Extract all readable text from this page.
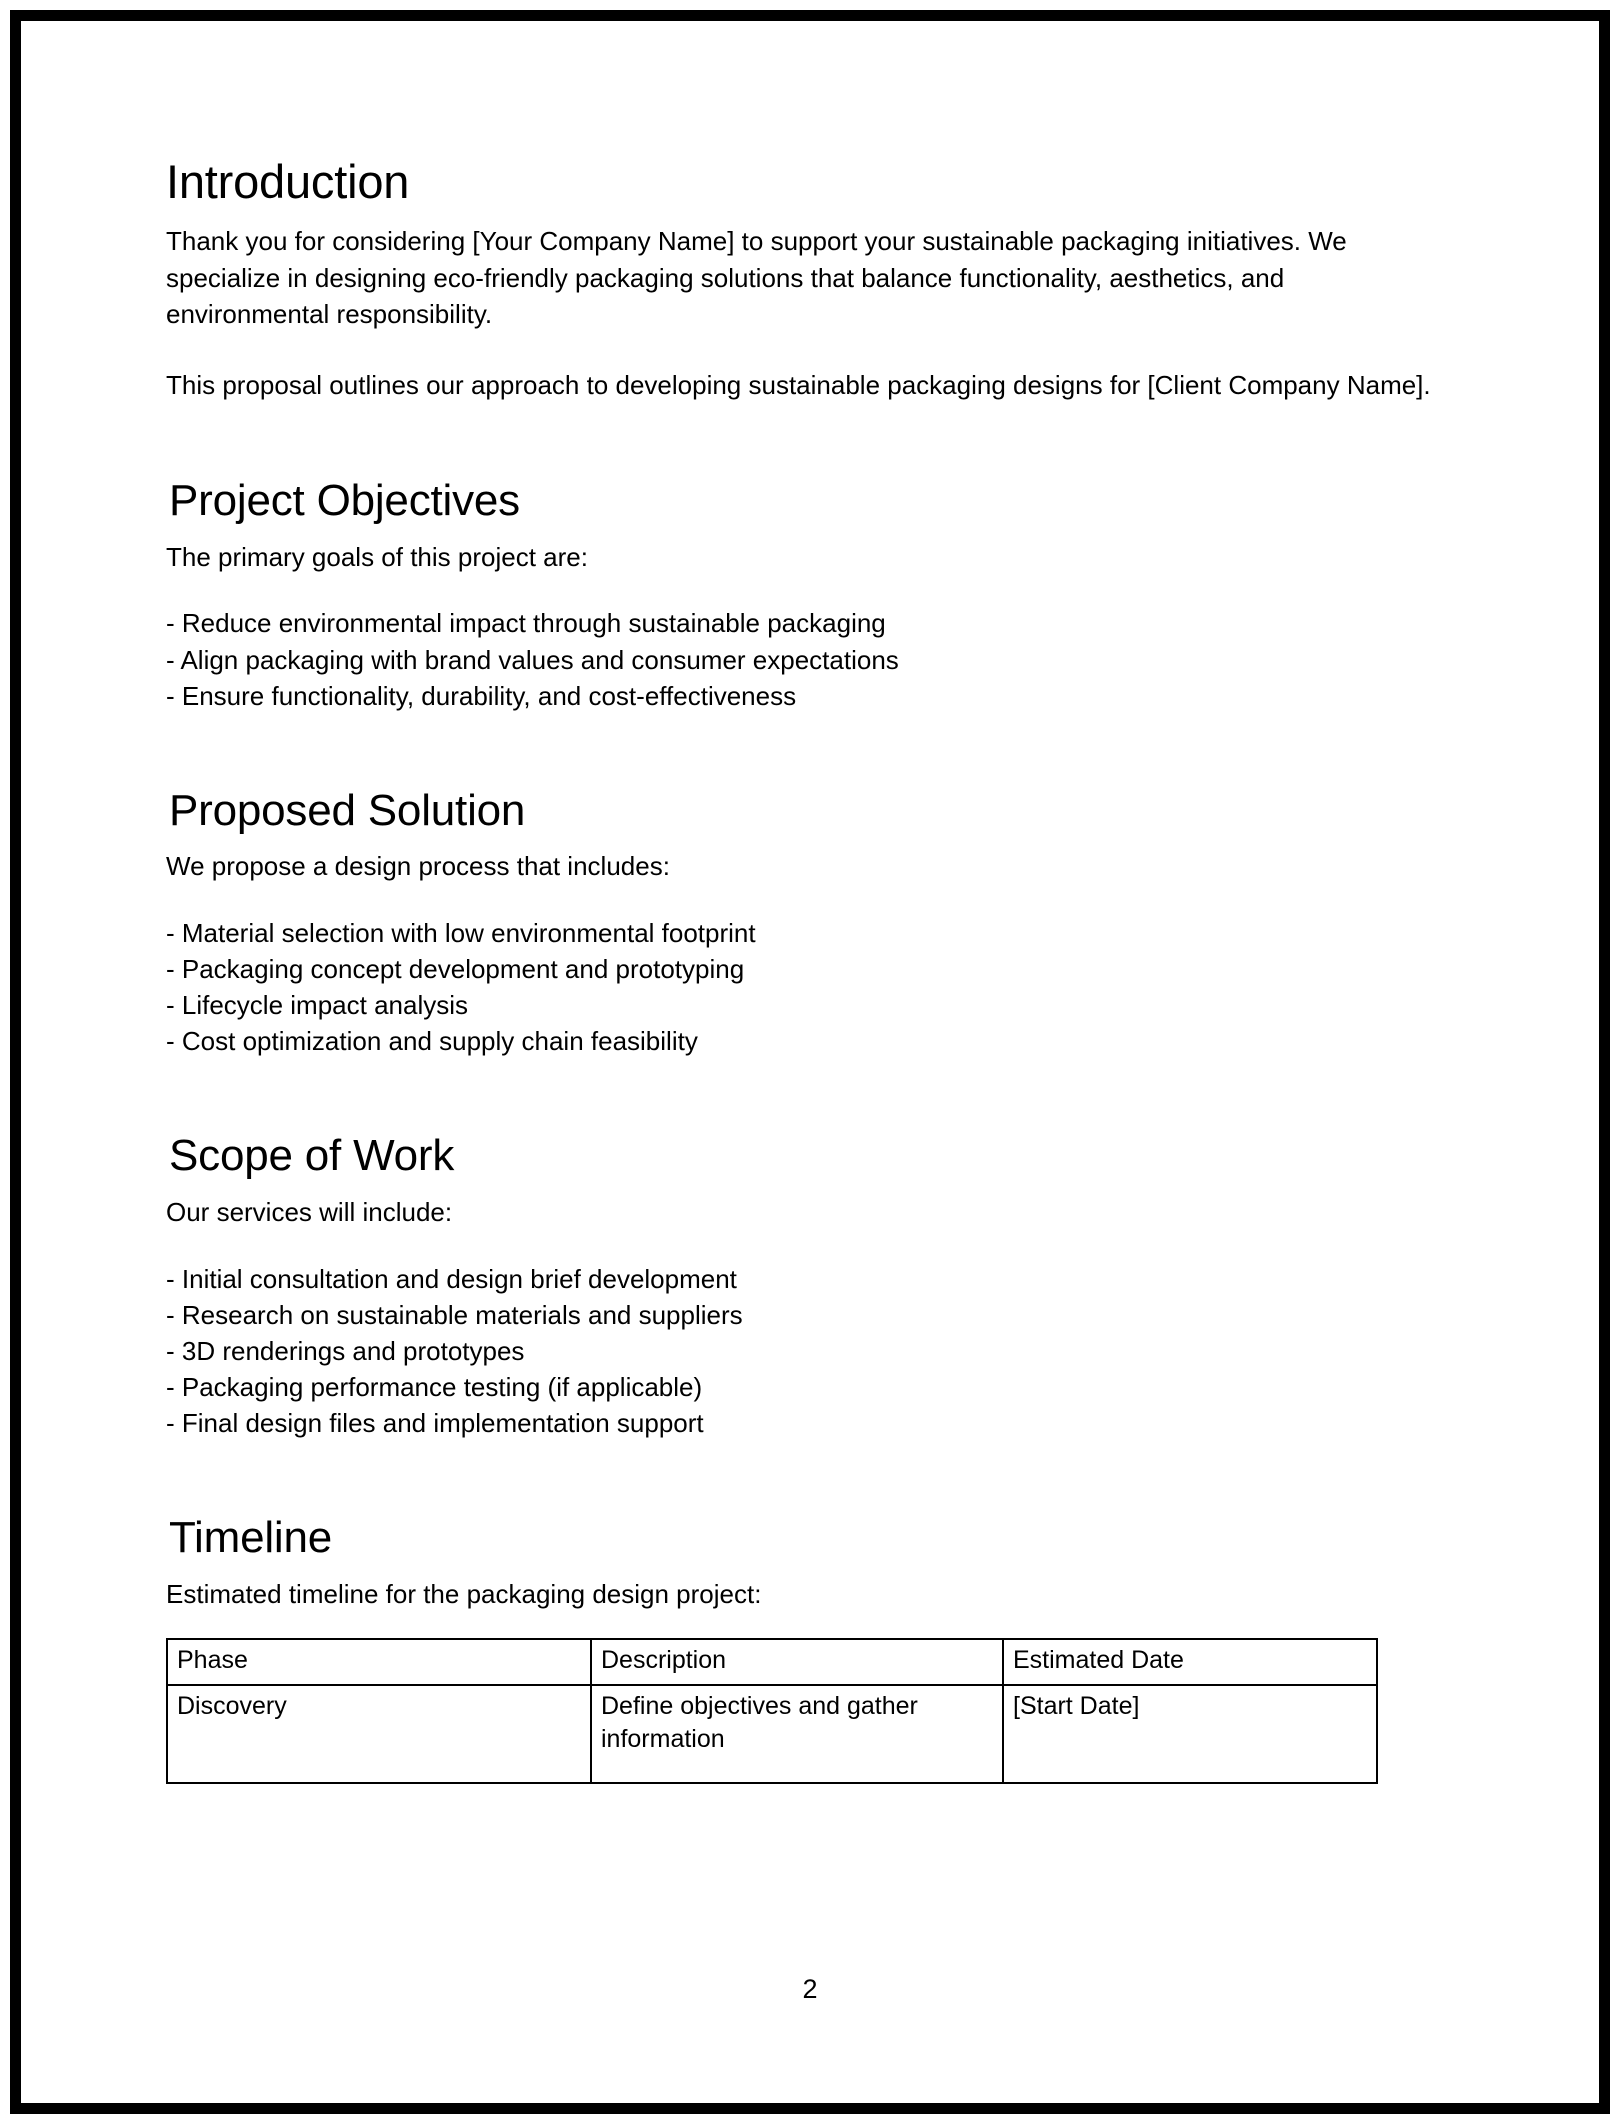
Introduction

Thank you for considering [Your Company Name] to support your sustainable packaging initiatives. We specialize in designing eco-friendly packaging solutions that balance functionality, aesthetics, and environmental responsibility.

This proposal outlines our approach to developing sustainable packaging designs for [Client Company Name].

Project Objectives

The primary goals of this project are:

- Reduce environmental impact through sustainable packaging
- Align packaging with brand values and consumer expectations
- Ensure functionality, durability, and cost-effectiveness
Proposed Solution

We propose a design process that includes:

- Material selection with low environmental footprint
- Packaging concept development and prototyping
- Lifecycle impact analysis
- Cost optimization and supply chain feasibility
Scope of Work

Our services will include:

- Initial consultation and design brief development
- Research on sustainable materials and suppliers
- 3D renderings and prototypes
- Packaging performance testing (if applicable)
- Final design files and implementation support
Timeline

Estimated timeline for the packaging design project:

Phase	Description	Estimated Date
Discovery	Define objectives and gather information	[Start Date]
2
